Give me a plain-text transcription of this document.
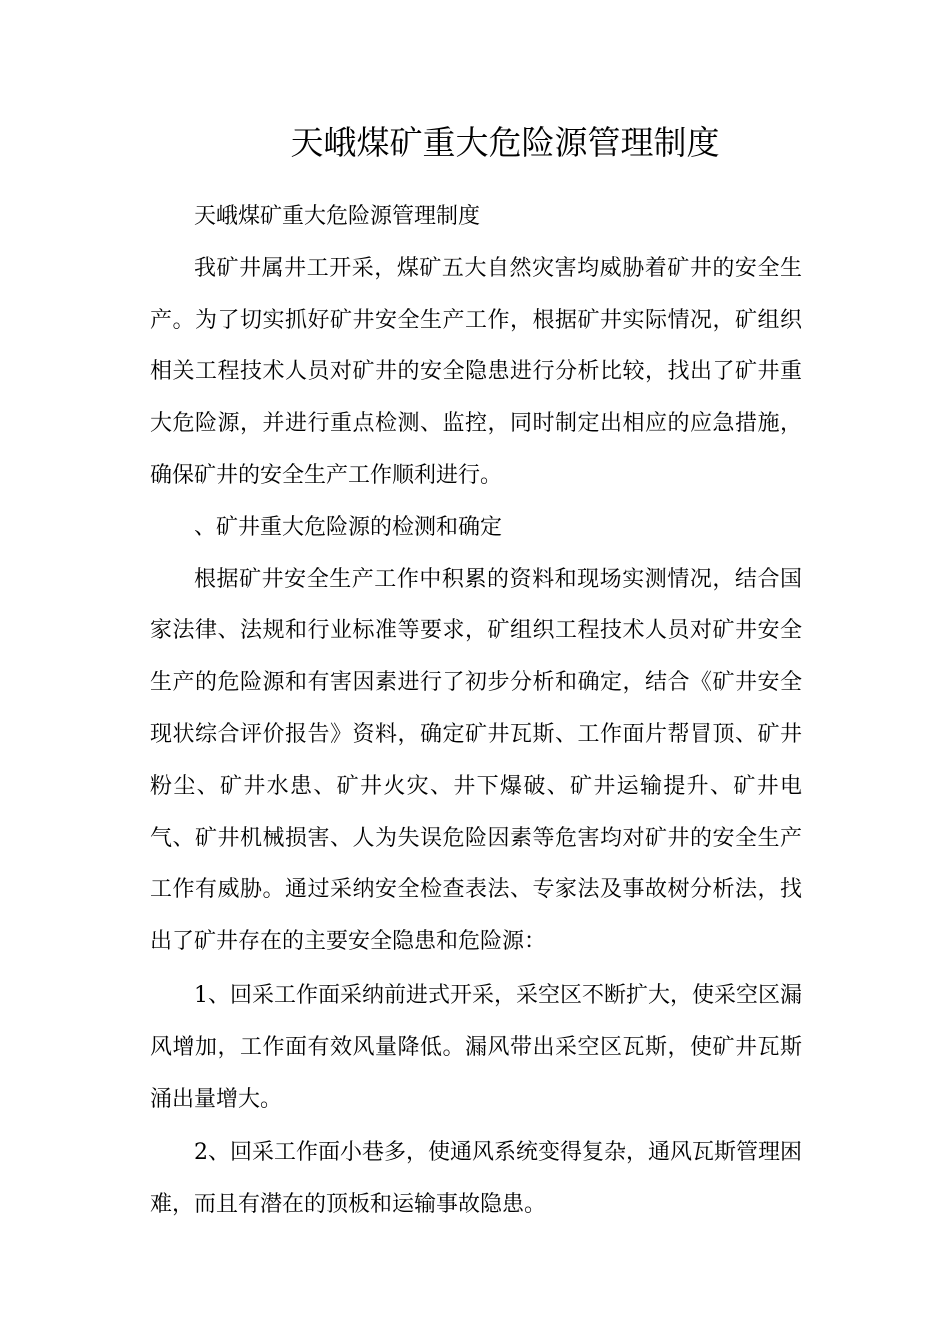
天峨煤矿重大危险源管理制度

天峨煤矿重大危险源管理制度

我矿井属井工开采，煤矿五大自然灾害均威胁着矿井的安全生产。为了切实抓好矿井安全生产工作，根据矿井实际情况，矿组织相关工程技术人员对矿井的安全隐患进行分析比较，找出了矿井重大危险源，并进行重点检测、监控，同时制定出相应的应急措施，确保矿井的安全生产工作顺利进行。

、矿井重大危险源的检测和确定

根据矿井安全生产工作中积累的资料和现场实测情况，结合国家法律、法规和行业标准等要求，矿组织工程技术人员对矿井安全生产的危险源和有害因素进行了初步分析和确定，结合《矿井安全现状综合评价报告》资料，确定矿井瓦斯、工作面片帮冒顶、矿井粉尘、矿井水患、矿井火灾、井下爆破、矿井运输提升、矿井电气、矿井机械损害、人为失误危险因素等危害均对矿井的安全生产工作有威胁。通过采纳安全检查表法、专家法及事故树分析法，找出了矿井存在的主要安全隐患和危险源：

1、回采工作面采纳前进式开采，采空区不断扩大，使采空区漏风增加，工作面有效风量降低。漏风带出采空区瓦斯，使矿井瓦斯涌出量增大。

2、回采工作面小巷多，使通风系统变得复杂，通风瓦斯管理困难，而且有潜在的顶板和运输事故隐患。
